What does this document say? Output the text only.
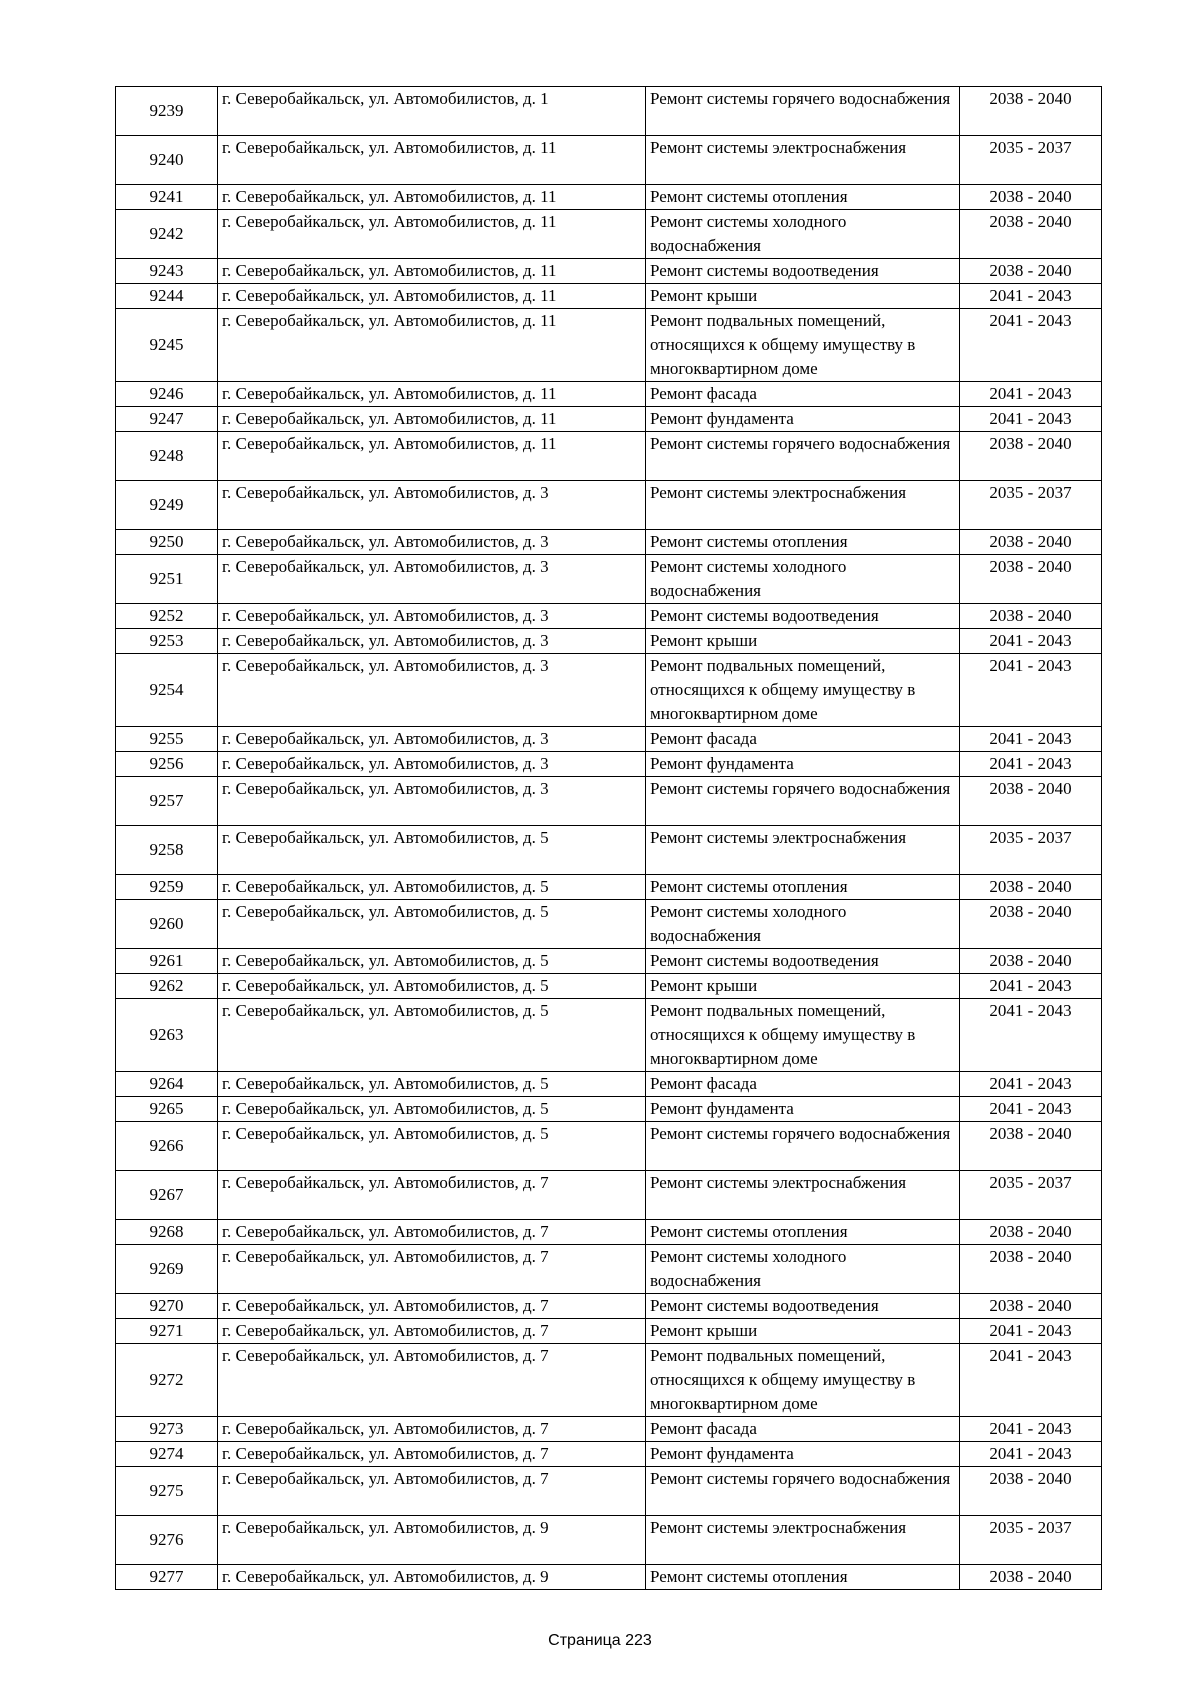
9239	г. Северобайкальск, ул. Автомобилистов, д. 1	Ремонт системы горячего водоснабжения	2038 - 2040
9240	г. Северобайкальск, ул. Автомобилистов, д. 11	Ремонт системы электроснабжения	2035 - 2037
9241	г. Северобайкальск, ул. Автомобилистов, д. 11	Ремонт системы отопления	2038 - 2040
9242	г. Северобайкальск, ул. Автомобилистов, д. 11	Ремонт системы холодного водоснабжения	2038 - 2040
9243	г. Северобайкальск, ул. Автомобилистов, д. 11	Ремонт системы водоотведения	2038 - 2040
9244	г. Северобайкальск, ул. Автомобилистов, д. 11	Ремонт крыши	2041 - 2043
9245	г. Северобайкальск, ул. Автомобилистов, д. 11	Ремонт подвальных помещений, относящихся к общему имуществу в многоквартирном доме	2041 - 2043
9246	г. Северобайкальск, ул. Автомобилистов, д. 11	Ремонт фасада	2041 - 2043
9247	г. Северобайкальск, ул. Автомобилистов, д. 11	Ремонт фундамента	2041 - 2043
9248	г. Северобайкальск, ул. Автомобилистов, д. 11	Ремонт системы горячего водоснабжения	2038 - 2040
9249	г. Северобайкальск, ул. Автомобилистов, д. 3	Ремонт системы электроснабжения	2035 - 2037
9250	г. Северобайкальск, ул. Автомобилистов, д. 3	Ремонт системы отопления	2038 - 2040
9251	г. Северобайкальск, ул. Автомобилистов, д. 3	Ремонт системы холодного водоснабжения	2038 - 2040
9252	г. Северобайкальск, ул. Автомобилистов, д. 3	Ремонт системы водоотведения	2038 - 2040
9253	г. Северобайкальск, ул. Автомобилистов, д. 3	Ремонт крыши	2041 - 2043
9254	г. Северобайкальск, ул. Автомобилистов, д. 3	Ремонт подвальных помещений, относящихся к общему имуществу в многоквартирном доме	2041 - 2043
9255	г. Северобайкальск, ул. Автомобилистов, д. 3	Ремонт фасада	2041 - 2043
9256	г. Северобайкальск, ул. Автомобилистов, д. 3	Ремонт фундамента	2041 - 2043
9257	г. Северобайкальск, ул. Автомобилистов, д. 3	Ремонт системы горячего водоснабжения	2038 - 2040
9258	г. Северобайкальск, ул. Автомобилистов, д. 5	Ремонт системы электроснабжения	2035 - 2037
9259	г. Северобайкальск, ул. Автомобилистов, д. 5	Ремонт системы отопления	2038 - 2040
9260	г. Северобайкальск, ул. Автомобилистов, д. 5	Ремонт системы холодного водоснабжения	2038 - 2040
9261	г. Северобайкальск, ул. Автомобилистов, д. 5	Ремонт системы водоотведения	2038 - 2040
9262	г. Северобайкальск, ул. Автомобилистов, д. 5	Ремонт крыши	2041 - 2043
9263	г. Северобайкальск, ул. Автомобилистов, д. 5	Ремонт подвальных помещений, относящихся к общему имуществу в многоквартирном доме	2041 - 2043
9264	г. Северобайкальск, ул. Автомобилистов, д. 5	Ремонт фасада	2041 - 2043
9265	г. Северобайкальск, ул. Автомобилистов, д. 5	Ремонт фундамента	2041 - 2043
9266	г. Северобайкальск, ул. Автомобилистов, д. 5	Ремонт системы горячего водоснабжения	2038 - 2040
9267	г. Северобайкальск, ул. Автомобилистов, д. 7	Ремонт системы электроснабжения	2035 - 2037
9268	г. Северобайкальск, ул. Автомобилистов, д. 7	Ремонт системы отопления	2038 - 2040
9269	г. Северобайкальск, ул. Автомобилистов, д. 7	Ремонт системы холодного водоснабжения	2038 - 2040
9270	г. Северобайкальск, ул. Автомобилистов, д. 7	Ремонт системы водоотведения	2038 - 2040
9271	г. Северобайкальск, ул. Автомобилистов, д. 7	Ремонт крыши	2041 - 2043
9272	г. Северобайкальск, ул. Автомобилистов, д. 7	Ремонт подвальных помещений, относящихся к общему имуществу в многоквартирном доме	2041 - 2043
9273	г. Северобайкальск, ул. Автомобилистов, д. 7	Ремонт фасада	2041 - 2043
9274	г. Северобайкальск, ул. Автомобилистов, д. 7	Ремонт фундамента	2041 - 2043
9275	г. Северобайкальск, ул. Автомобилистов, д. 7	Ремонт системы горячего водоснабжения	2038 - 2040
9276	г. Северобайкальск, ул. Автомобилистов, д. 9	Ремонт системы электроснабжения	2035 - 2037
9277	г. Северобайкальск, ул. Автомобилистов, д. 9	Ремонт системы отопления	2038 - 2040
Страница 223
